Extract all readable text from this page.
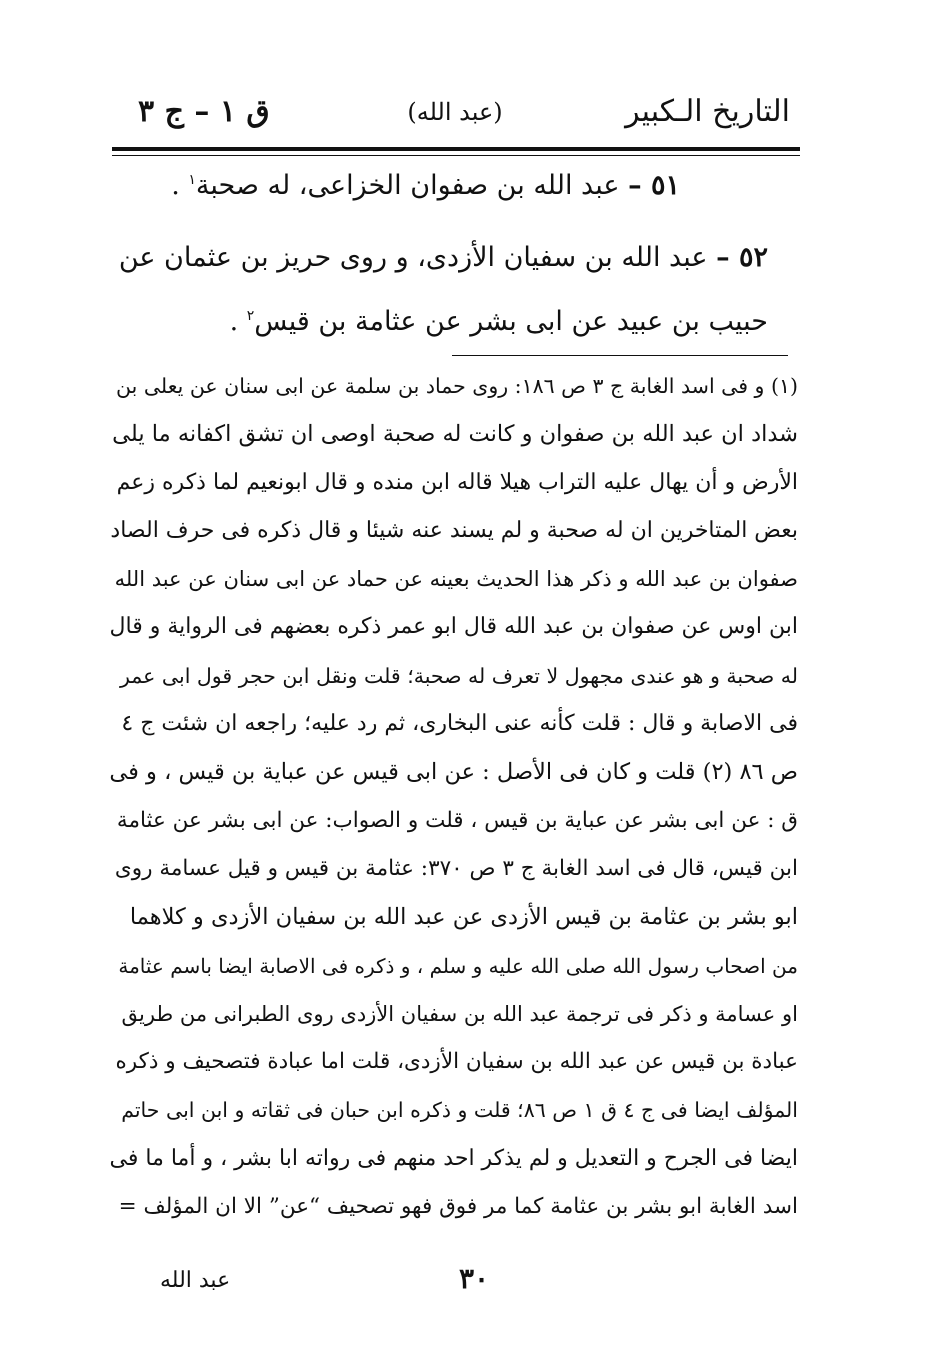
التاريخ الـكبير
(عبد الله)
ق ١ – ج ٣
٥١ – عبد الله بن صفوان الخزاعى، له صحبة$^١$ .
٥٢ – عبد الله بن سفيان الأزدى، و روى حريز بن عثمان عن
حبيب بن عبيد عن ابى بشر عن عثامة بن قيس$^٢$ .
(١) و فى اسد الغابة ج ٣ ص ١٨٦: روى حماد بن سلمة عن ابى سنان عن يعلى بن
شداد ان عبد الله بن صفوان و كانت له صحبة اوصى ان تشق اكفانه ما يلى
الأرض و أن يهال عليه التراب هيلا قاله ابن منده و قال ابونعيم لما ذكره زعم
بعض المتاخرين ان له صحبة و لم يسند عنه شيئا و قال ذكره فى حرف الصاد
صفوان بن عبد الله و ذكر هذا الحديث بعينه عن حماد عن ابى سنان عن عبد الله
ابن اوس عن صفوان بن عبد الله قال ابو عمر ذكره بعضهم فى الرواية و قال
له صحبة و هو عندى مجهول لا تعرف له صحبة؛ قلت ونقل ابن حجر قول ابى عمر
فى الاصابة و قال : قلت كأنه عنى البخارى، ثم رد عليه؛ راجعه ان شئت ج ٤
ص ٨٦ (٢) قلت و كان فى الأصل : عن ابى قيس عن عباية بن قيس ، و فى
ق : عن ابى بشر عن عباية بن قيس ، قلت و الصواب: عن ابى بشر عن عثامة
ابن قيس، قال فى اسد الغابة ج ٣ ص ٣٧٠: عثامة بن قيس و قيل عسامة روى
ابو بشر بن عثامة بن قيس الأزدى عن عبد الله بن سفيان الأزدى و كلاهما
من اصحاب رسول الله صلى الله عليه و سلم ، و ذكره فى الاصابة ايضا باسم عثامة
او عسامة و ذكر فى ترجمة عبد الله بن سفيان الأزدى روى الطبرانى من طريق
عبادة بن قيس عن عبد الله بن سفيان الأزدى، قلت اما عبادة فتصحيف و ذكره
المؤلف ايضا فى ج ٤ ق ١ ص ٨٦؛ قلت و ذكره ابن حبان فى ثقاته و ابن ابى حاتم
ايضا فى الجرح و التعديل و لم يذكر احد منهم فى رواته ابا بشر ، و أما ما فى
اسد الغابة ابو بشر بن عثامة كما مر فوق فهو تصحيف “عن” الا ان المؤلف =
٣٠
عبد الله
